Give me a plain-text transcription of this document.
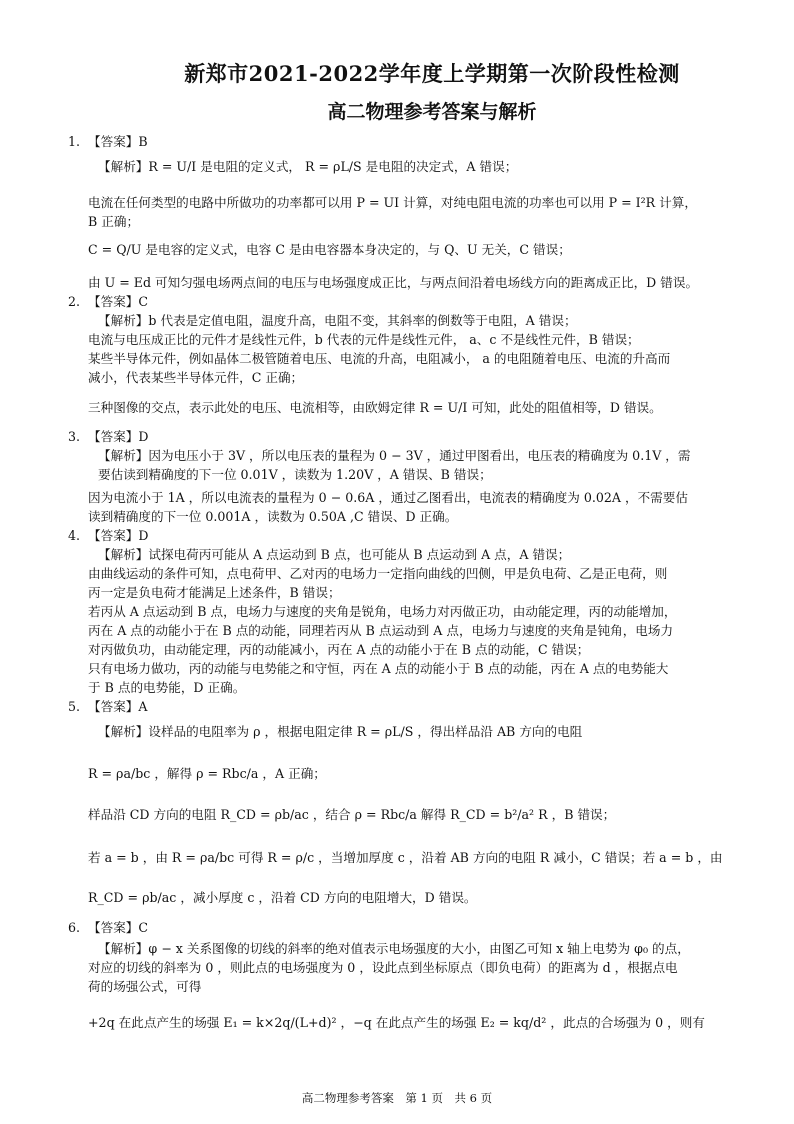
新郑市2021-2022学年度上学期第一次阶段性检测
高二物理参考答案与解析
1. 【答案】B
【解析】R = U/I 是电阻的定义式， R = ρL/S 是电阻的决定式，A 错误；
电流在任何类型的电路中所做功的功率都可以用 P = UI 计算，对纯电阻电流的功率也可以用 P = I²R 计算，
B 正确；
C = Q/U 是电容的定义式，电容 C 是由电容器本身决定的，与 Q、U 无关，C 错误；
由 U = Ed 可知匀强电场两点间的电压与电场强度成正比，与两点间沿着电场线方向的距离成正比，D 错误。
2. 【答案】C
【解析】b 代表是定值电阻，温度升高，电阻不变，其斜率的倒数等于电阻，A 错误；
电流与电压成正比的元件才是线性元件，b 代表的元件是线性元件， a、c 不是线性元件，B 错误；
某些半导体元件，例如晶体二极管随着电压、电流的升高，电阻减小， a 的电阻随着电压、电流的升高而
减小，代表某些半导体元件，C 正确；
三种图像的交点，表示此处的电压、电流相等，由欧姆定律 R = U/I 可知，此处的阻值相等，D 错误。
3. 【答案】D
【解析】因为电压小于 3V ，所以电压表的量程为 0 − 3V ，通过甲图看出，电压表的精确度为 0.1V ，需
要估读到精确度的下一位 0.01V ，读数为 1.20V ，A 错误、B 错误；
因为电流小于 1A ，所以电流表的量程为 0 − 0.6A ，通过乙图看出，电流表的精确度为 0.02A ，不需要估
读到精确度的下一位 0.001A ，读数为 0.50A ,C 错误、D 正确。
4. 【答案】D
【解析】试探电荷丙可能从 A 点运动到 B 点，也可能从 B 点运动到 A 点，A 错误；
由曲线运动的条件可知，点电荷甲、乙对丙的电场力一定指向曲线的凹侧，甲是负电荷、乙是正电荷，则
丙一定是负电荷才能满足上述条件，B 错误；
若丙从 A 点运动到 B 点，电场力与速度的夹角是锐角，电场力对丙做正功，由动能定理，丙的动能增加，
丙在 A 点的动能小于在 B 点的动能，同理若丙从 B 点运动到 A 点，电场力与速度的夹角是钝角，电场力
对丙做负功，由动能定理，丙的动能减小，丙在 A 点的动能小于在 B 点的动能，C 错误；
只有电场力做功，丙的动能与电势能之和守恒，丙在 A 点的动能小于 B 点的动能，丙在 A 点的电势能大
于 B 点的电势能，D 正确。
5. 【答案】A
【解析】设样品的电阻率为 ρ ，根据电阻定律 R = ρL/S ，得出样品沿 AB 方向的电阻
R = ρa/bc ，解得 ρ = Rbc/a ，A 正确；
样品沿 CD 方向的电阻 R_CD = ρb/ac ，结合 ρ = Rbc/a 解得 R_CD = b²/a² R ，B 错误；
若 a = b ，由 R = ρa/bc 可得 R = ρ/c ，当增加厚度 c ，沿着 AB 方向的电阻 R 减小，C 错误；若 a = b ，由
R_CD = ρb/ac ，减小厚度 c ，沿着 CD 方向的电阻增大，D 错误。
6. 【答案】C
【解析】φ − x 关系图像的切线的斜率的绝对值表示电场强度的大小，由图乙可知 x 轴上电势为 φ₀ 的点，
对应的切线的斜率为 0 ，则此点的电场强度为 0 ，设此点到坐标原点（即负电荷）的距离为 d ，根据点电
荷的场强公式，可得
+2q 在此点产生的场强 E₁ = k×2q/(L+d)² ，−q 在此点产生的场强 E₂ = kq/d² ，此点的合场强为 0 ，则有
高二物理参考答案　第 1 页　共 6 页
